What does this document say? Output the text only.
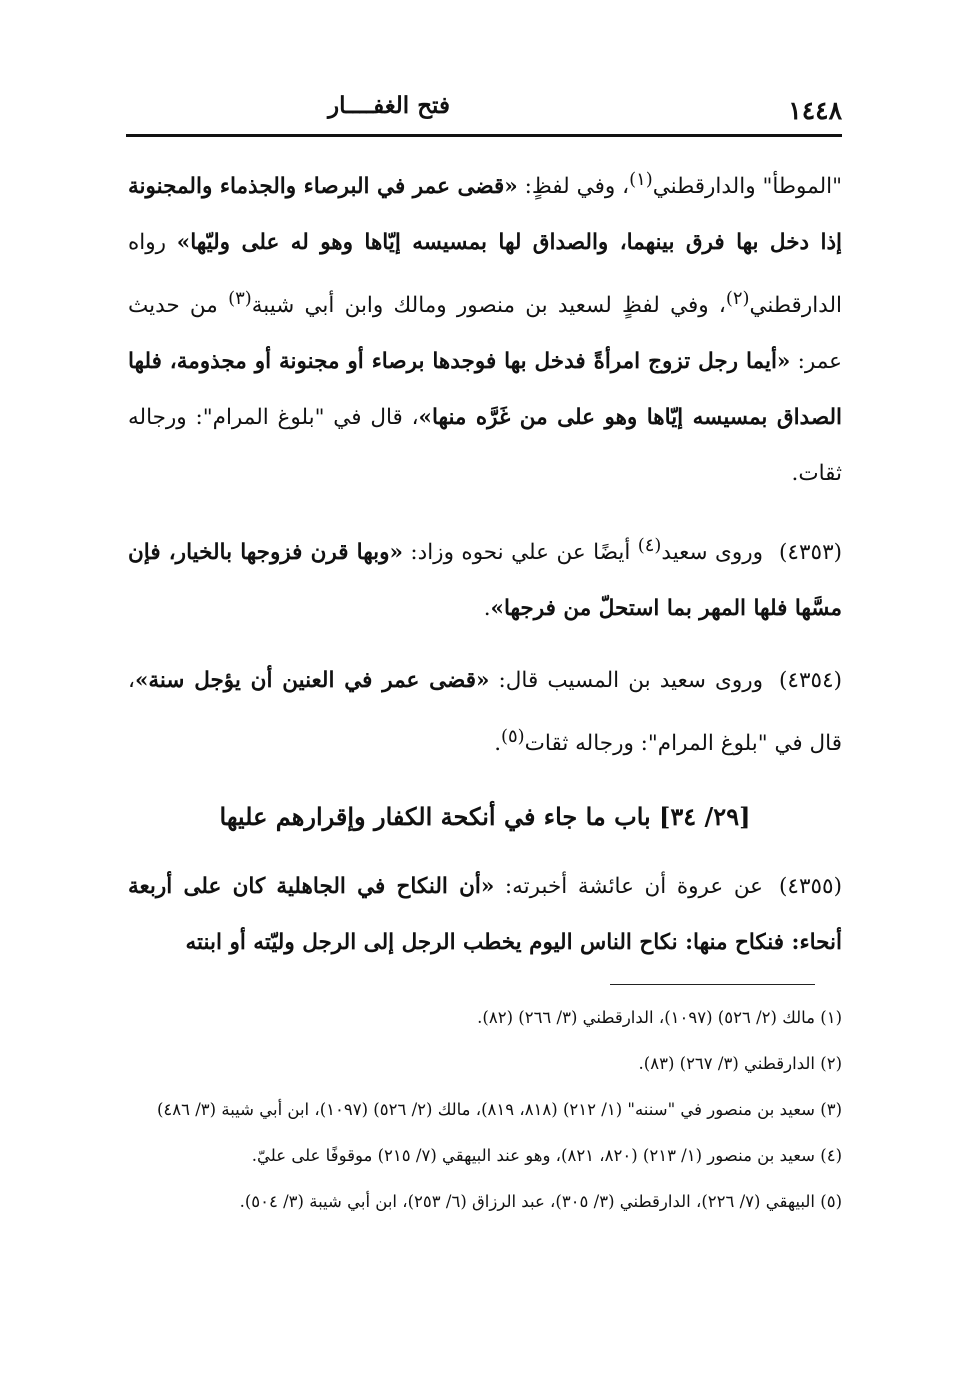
١٤٤٨
فتح الغفــــار

"الموطأ" والدارقطني$^{(١)}$، وفي لفظٍ: «قضى عمر في البرصاء والجذماء والمجنونة إذا دخل بها فرق بينهما، والصداق لها بمسيسه إيّاها وهو له على وليّها» رواه الدارقطني$^{(٢)}$، وفي لفظٍ لسعيد بن منصور ومالك وابن أبي شيبة$^{(٣)}$ من حديث عمر: «أيما رجل تزوج امرأةً فدخل بها فوجدها برصاء أو مجنونة أو مجذومة، فلها الصداق بمسيسه إيّاها وهو على من غَرَّه منها»، قال في "بلوغ المرام": ورجاله ثقات.

(٤٣٥٣)وروى سعيد$^{(٤)}$ أيضًا عن علي نحوه وزاد: «وبها قرن فزوجها بالخيار، فإن مسَّها فلها المهر بما استحلّ من فرجها».

(٤٣٥٤)وروى سعيد بن المسيب قال: «قضى عمر في العنين أن يؤجل سنة»، قال في "بلوغ المرام": ورجاله ثقات$^{(٥)}$.

[٢٩/ ٣٤] باب ما جاء في أنكحة الكفار وإقرارهم عليها

(٤٣٥٥)عن عروة أن عائشة أخبرته: «أن النكاح في الجاهلية كان على أربعة أنحاء: فنكاح منها: نكاح الناس اليوم يخطب الرجل إلى الرجل وليّته أو ابنته

(١) مالك (٢/ ٥٢٦) (١٠٩٧)، الدارقطني (٣/ ٢٦٦) (٨٢).

(٢) الدارقطني (٣/ ٢٦٧) (٨٣).

(٣) سعيد بن منصور في "سننه" (١/ ٢١٢) (٨١٨، ٨١٩)، مالك (٢/ ٥٢٦) (١٠٩٧)، ابن أبي شيبة (٣/ ٤٨٦)

(٤) سعيد بن منصور (١/ ٢١٣) (٨٢٠، ٨٢١)، وهو عند البيهقي (٧/ ٢١٥) موقوفًا على عليّ.

(٥) البيهقي (٧/ ٢٢٦)، الدارقطني (٣/ ٣٠٥)، عبد الرزاق (٦/ ٢٥٣)، ابن أبي شيبة (٣/ ٥٠٤).
